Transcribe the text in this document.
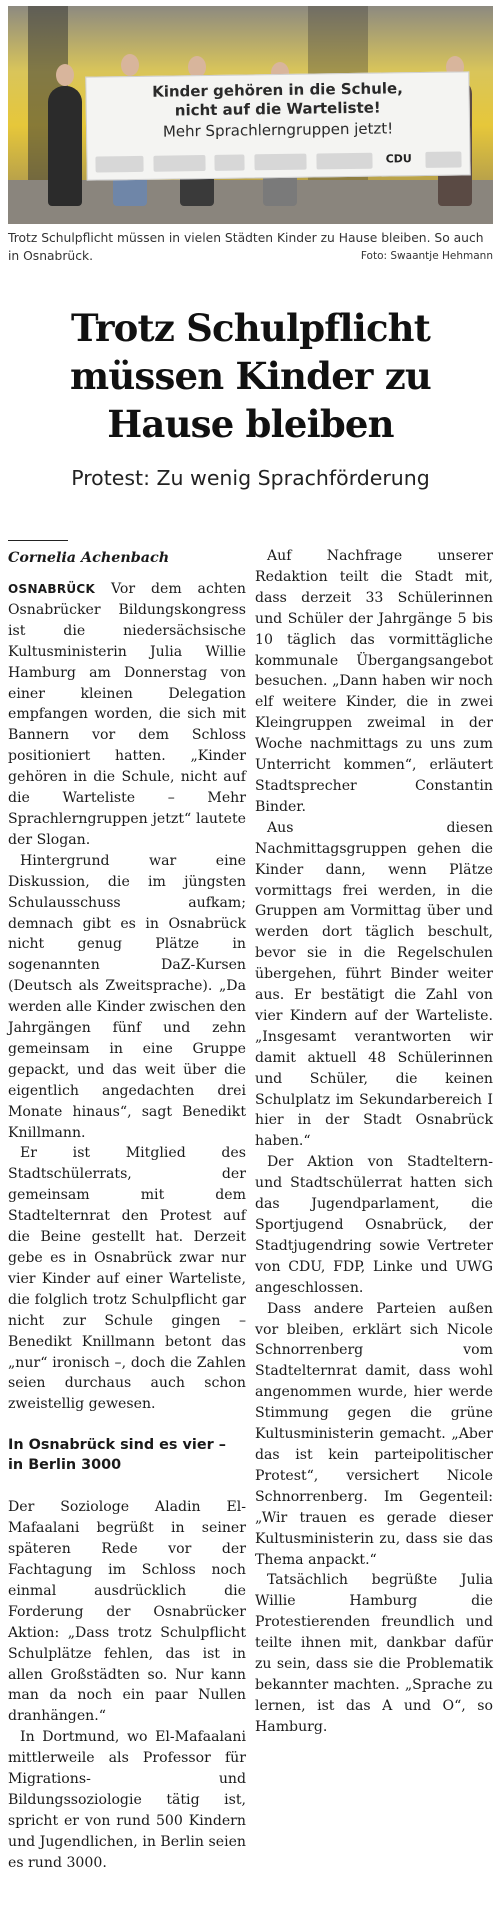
Kinder gehören in die Schule,
nicht auf die Warteliste!
Mehr Sprachlerngruppen jetzt!
CDU
Trotz Schulpflicht müssen in vielen Städten Kinder zu Hause bleiben. So auch in Osnabrück.	Foto: Swaantje Hehmann
Trotz Schulpflicht
müssen Kinder zu
Hause bleiben
Protest: Zu wenig Sprachförderung
Cornelia Achenbach

OSNABRÜCK Vor dem achten Osnabrücker Bildungskongress ist die niedersächsische Kultusministerin Julia Willie Hamburg am Donnerstag von einer kleinen Delegation empfangen worden, die sich mit Bannern vor dem Schloss positioniert hatten. „Kinder gehören in die Schule, nicht auf die Warteliste – Mehr Sprachlerngruppen jetzt“ lautete der Slogan.

Hintergrund war eine Diskussion, die im jüngsten Schulausschuss aufkam; demnach gibt es in Osnabrück nicht genug Plätze in sogenannten DaZ-Kursen (Deutsch als Zweitsprache). „Da werden alle Kinder zwischen den Jahrgängen fünf und zehn gemeinsam in eine Gruppe gepackt, und das weit über die eigentlich angedachten drei Monate hinaus“, sagt Benedikt Knillmann.

Er ist Mitglied des Stadtschülerrats, der gemeinsam mit dem Stadtelternrat den Protest auf die Beine gestellt hat. Derzeit gebe es in Osnabrück zwar nur vier Kinder auf einer Warteliste, die folglich trotz Schulpflicht gar nicht zur Schule gingen – Benedikt Knillmann betont das „nur“ ironisch –, doch die Zahlen seien durchaus auch schon zweistellig gewesen.

In Osnabrück sind es vier – in Berlin 3000

Der Soziologe Aladin El-Mafaalani begrüßt in seiner späteren Rede vor der Fachtagung im Schloss noch einmal ausdrücklich die Forderung der Osnabrücker Aktion: „Dass trotz Schulpflicht Schulplätze fehlen, das ist in allen Großstädten so. Nur kann man da noch ein paar Nullen dranhängen.“

In Dortmund, wo El-Mafaalani mittlerweile als Professor für Migrations- und Bildungssoziologie tätig ist, spricht er von rund 500 Kindern und Jugendlichen, in Berlin seien es rund 3000.

Auf Nachfrage unserer Redaktion teilt die Stadt mit, dass derzeit 33 Schülerinnen und Schüler der Jahrgänge 5 bis 10 täglich das vormittägliche kommunale Übergangsangebot besuchen. „Dann haben wir noch elf weitere Kinder, die in zwei Kleingruppen zweimal in der Woche nachmittags zu uns zum Unterricht kommen“, erläutert Stadtsprecher Constantin Binder.

Aus diesen Nachmittagsgruppen gehen die Kinder dann, wenn Plätze vormittags frei werden, in die Gruppen am Vormittag über und werden dort täglich beschult, bevor sie in die Regelschulen übergehen, führt Binder weiter aus. Er bestätigt die Zahl von vier Kindern auf der Warteliste. „Insgesamt verantworten wir damit aktuell 48 Schülerinnen und Schüler, die keinen Schulplatz im Sekundarbereich I hier in der Stadt Osnabrück haben.“

Der Aktion von Stadteltern- und Stadtschülerrat hatten sich das Jugendparlament, die Sportjugend Osnabrück, der Stadtjugendring sowie Vertreter von CDU, FDP, Linke und UWG angeschlossen.

Dass andere Parteien außen vor bleiben, erklärt sich Nicole Schnorrenberg vom Stadtelternrat damit, dass wohl angenommen wurde, hier werde Stimmung gegen die grüne Kultusministerin gemacht. „Aber das ist kein parteipolitischer Protest“, versichert Nicole Schnorrenberg. Im Gegenteil: „Wir trauen es gerade dieser Kultusministerin zu, dass sie das Thema anpackt.“

Tatsächlich begrüßte Julia Willie Hamburg die Protestierenden freundlich und teilte ihnen mit, dankbar dafür zu sein, dass sie die Problematik bekannter machten. „Sprache zu lernen, ist das A und O“, so Hamburg.
